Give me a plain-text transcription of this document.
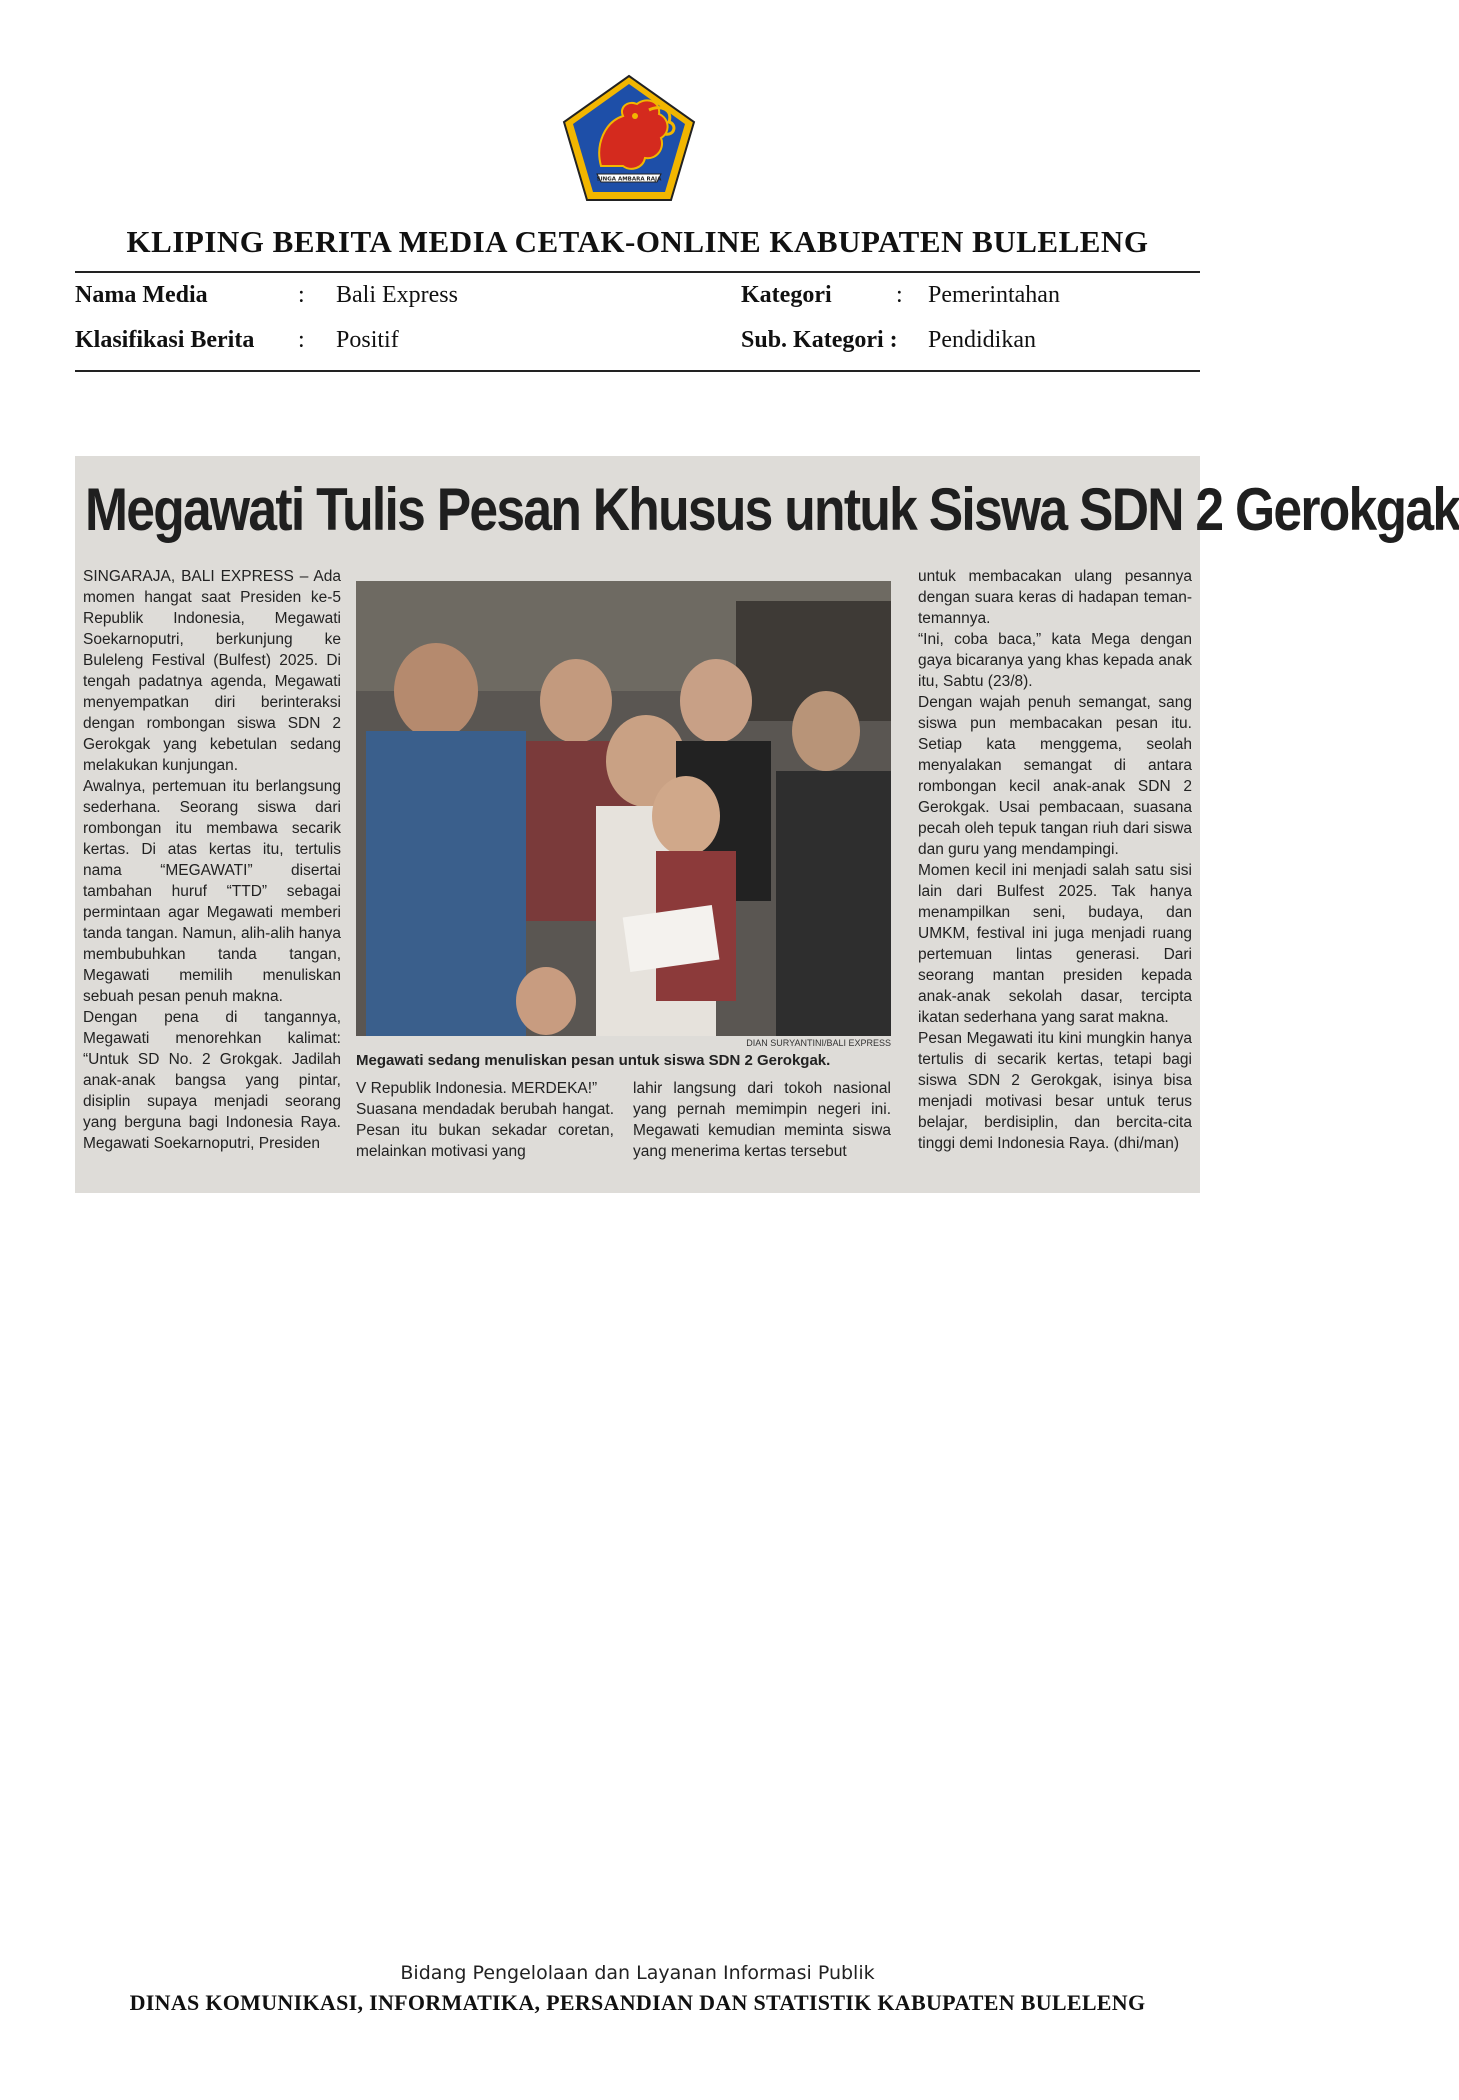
SINGA AMBARA RAJA
KLIPING BERITA MEDIA CETAK-ONLINE KABUPATEN BULELENG
Nama Media	: Bali Express	Kategori	: Pemerintahan
Klasifikasi Berita : Positif	Sub. Kategori : Pendidikan
Megawati Tulis Pesan Khusus untuk Siswa SDN 2 Gerokgak
SINGARAJA, BALI EXPRESS – Ada momen hangat saat Presiden ke-5 Republik Indonesia, Megawati Soekarnoputri, berkunjung ke Buleleng Festival (Bulfest) 2025. Di tengah padatnya agenda, Megawati menyempatkan diri berinteraksi dengan rombongan siswa SDN 2 Gerokgak yang kebetulan sedang melakukan kunjungan.
Awalnya, pertemuan itu berlangsung sederhana. Seorang siswa dari rombongan itu membawa secarik kertas. Di atas kertas itu, tertulis nama “MEGAWATI” disertai tambahan huruf “TTD” sebagai permintaan agar Megawati memberi tanda tangan. Namun, alih-alih hanya membubuhkan tanda tangan, Megawati memilih menuliskan sebuah pesan penuh makna.
Dengan pena di tangannya, Megawati menorehkan kalimat: “Untuk SD No. 2 Grokgak. Jadilah anak-anak bangsa yang pintar, disiplin supaya menjadi seorang yang berguna bagi Indonesia Raya. Megawati Soekarnoputri, Presiden
DIAN SURYANTINI/BALI EXPRESS
Megawati sedang menuliskan pesan untuk siswa SDN 2 Gerokgak.
V Republik Indonesia. MERDEKA!”
Suasana mendadak berubah hangat. Pesan itu bukan sekadar coretan, melainkan motivasi yang
lahir langsung dari tokoh nasional yang pernah memimpin negeri ini. Megawati kemudian meminta siswa yang menerima kertas tersebut
untuk membacakan ulang pesannya dengan suara keras di hadapan teman-temannya.
“Ini, coba baca,” kata Mega dengan gaya bicaranya yang khas kepada anak itu, Sabtu (23/8).
Dengan wajah penuh semangat, sang siswa pun membacakan pesan itu. Setiap kata menggema, seolah menyalakan semangat di antara rombongan kecil anak-anak SDN 2 Gerokgak. Usai pembacaan, suasana pecah oleh tepuk tangan riuh dari siswa dan guru yang mendampingi.
Momen kecil ini menjadi salah satu sisi lain dari Bulfest 2025. Tak hanya menampilkan seni, budaya, dan UMKM, festival ini juga menjadi ruang pertemuan lintas generasi. Dari seorang mantan presiden kepada anak-anak sekolah dasar, tercipta ikatan sederhana yang sarat makna.
Pesan Megawati itu kini mungkin hanya tertulis di secarik kertas, tetapi bagi siswa SDN 2 Gerokgak, isinya bisa menjadi motivasi besar untuk terus belajar, berdisiplin, dan bercita-cita tinggi demi Indonesia Raya. (dhi/man)
Bidang Pengelolaan dan Layanan Informasi Publik
DINAS KOMUNIKASI, INFORMATIKA, PERSANDIAN DAN STATISTIK KABUPATEN BULELENG
